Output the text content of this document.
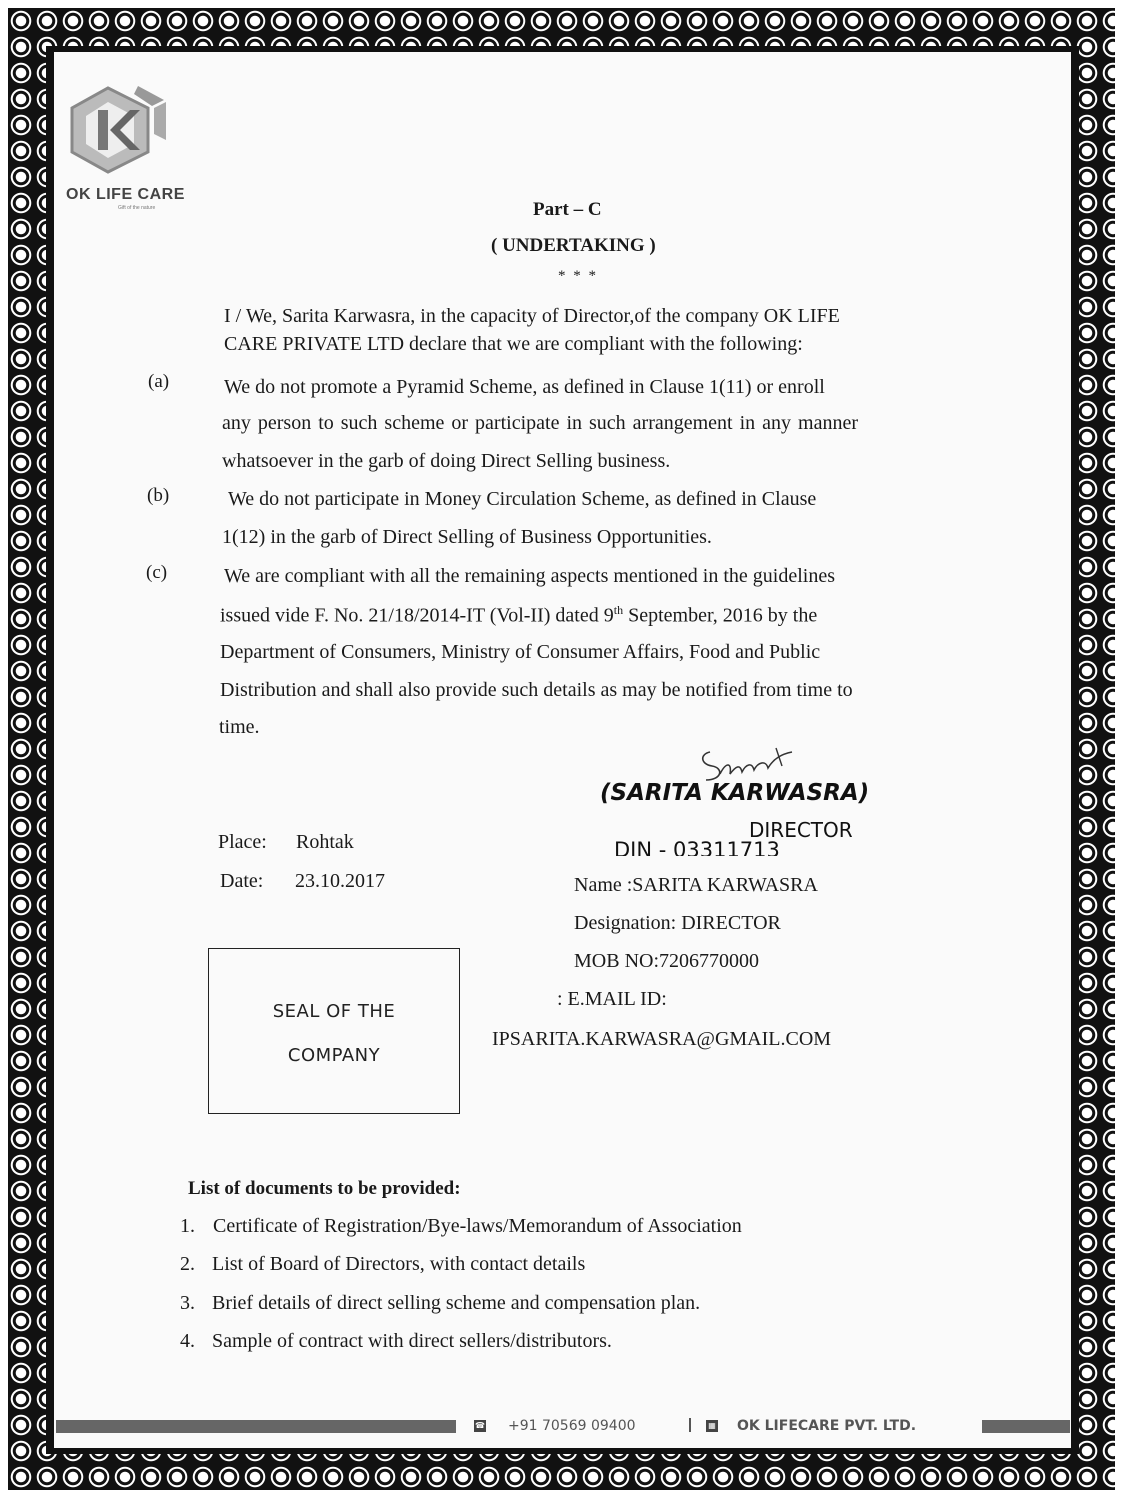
OK LIFE CARE
Gift of the nature	Part – C
( UNDERTAKING )
* * *
I / We, Sarita Karwasra, in the capacity of Director,of the company OK LIFE
CARE PRIVATE LTD declare that we are compliant with the following:
(a)	We do not promote a Pyramid Scheme, as defined in Clause 1(11) or enroll
any person to such scheme or participate in such arrangement in any manner
whatsoever in the garb of doing Direct Selling business.
(b)	We do not participate in Money Circulation Scheme, as defined in Clause
1(12) in the garb of Direct Selling of Business Opportunities.
(c)	We are compliant with all the remaining aspects mentioned in the guidelines
issued vide F. No. 21/18/2014-IT (Vol-II) dated 9th September, 2016 by the
Department of Consumers, Ministry of Consumer Affairs, Food and Public
Distribution and shall also provide such details as may be notified from time to
time.
(SARITA KARWASRA)
DIRECTOR
DIN - 03311713
Place: Rohtak
Date: 23.10.2017	Name :SARITA KARWASRA
Designation: DIRECTOR
MOB NO:7206770000
: E.MAIL ID:
IPSARITA.KARWASRA@GMAIL.COM
SEAL OF THE
COMPANY
List of documents to be provided:
1. Certificate of Registration/Bye-laws/Memorandum of Association
2. List of Board of Directors, with contact details
3. Brief details of direct selling scheme and compensation plan.
4. Sample of contract with direct sellers/distributors.
☎ +91 70569 09400	▦ OK LIFECARE PVT. LTD.
